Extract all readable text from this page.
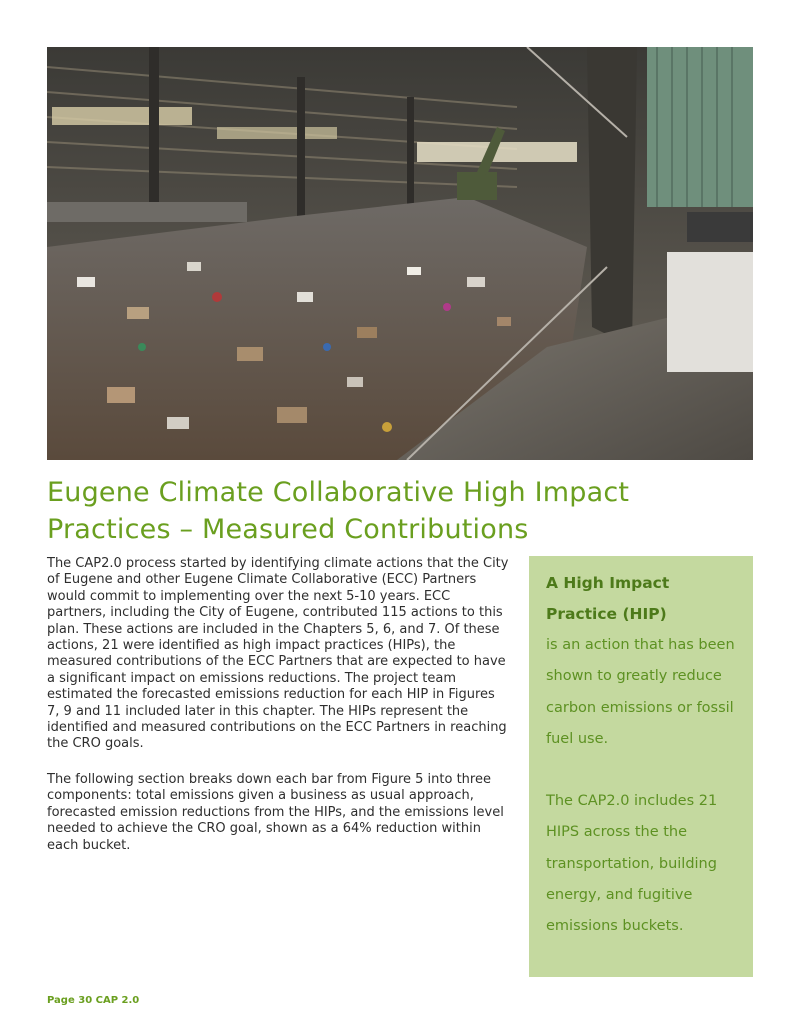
Eugene Climate Collaborative High Impact Practices – Measured Contributions

The CAP2.0 process started by identifying climate actions that the City of Eugene and other Eugene Climate Collaborative (ECC) Partners would commit to implementing over the next 5-10 years. ECC partners, including the City of Eugene, contributed 115 actions to this plan. These actions are included in the Chapters 5, 6, and 7. Of these actions, 21 were identified as high impact practices (HIPs), the measured contributions of the ECC Partners that are expected to have a significant impact on emissions reductions. The project team estimated the forecasted emissions reduction for each HIP in Figures 7, 9 and 11 included later in this chapter. The HIPs represent the identified and measured contributions on the ECC Partners in reaching the CRO goals.

The following section breaks down each bar from Figure 5 into three components: total emissions given a business as usual approach, forecasted emission reductions from the HIPs, and the emissions level needed to achieve the CRO goal, shown as a 64% reduction within each bucket.

A High Impact Practice (HIP)

is an action that has been shown to greatly reduce carbon emissions or fossil fuel use.

The CAP2.0 includes 21 HIPS across the the transportation, building energy, and fugitive emissions buckets.

Page 30 CAP 2.0
